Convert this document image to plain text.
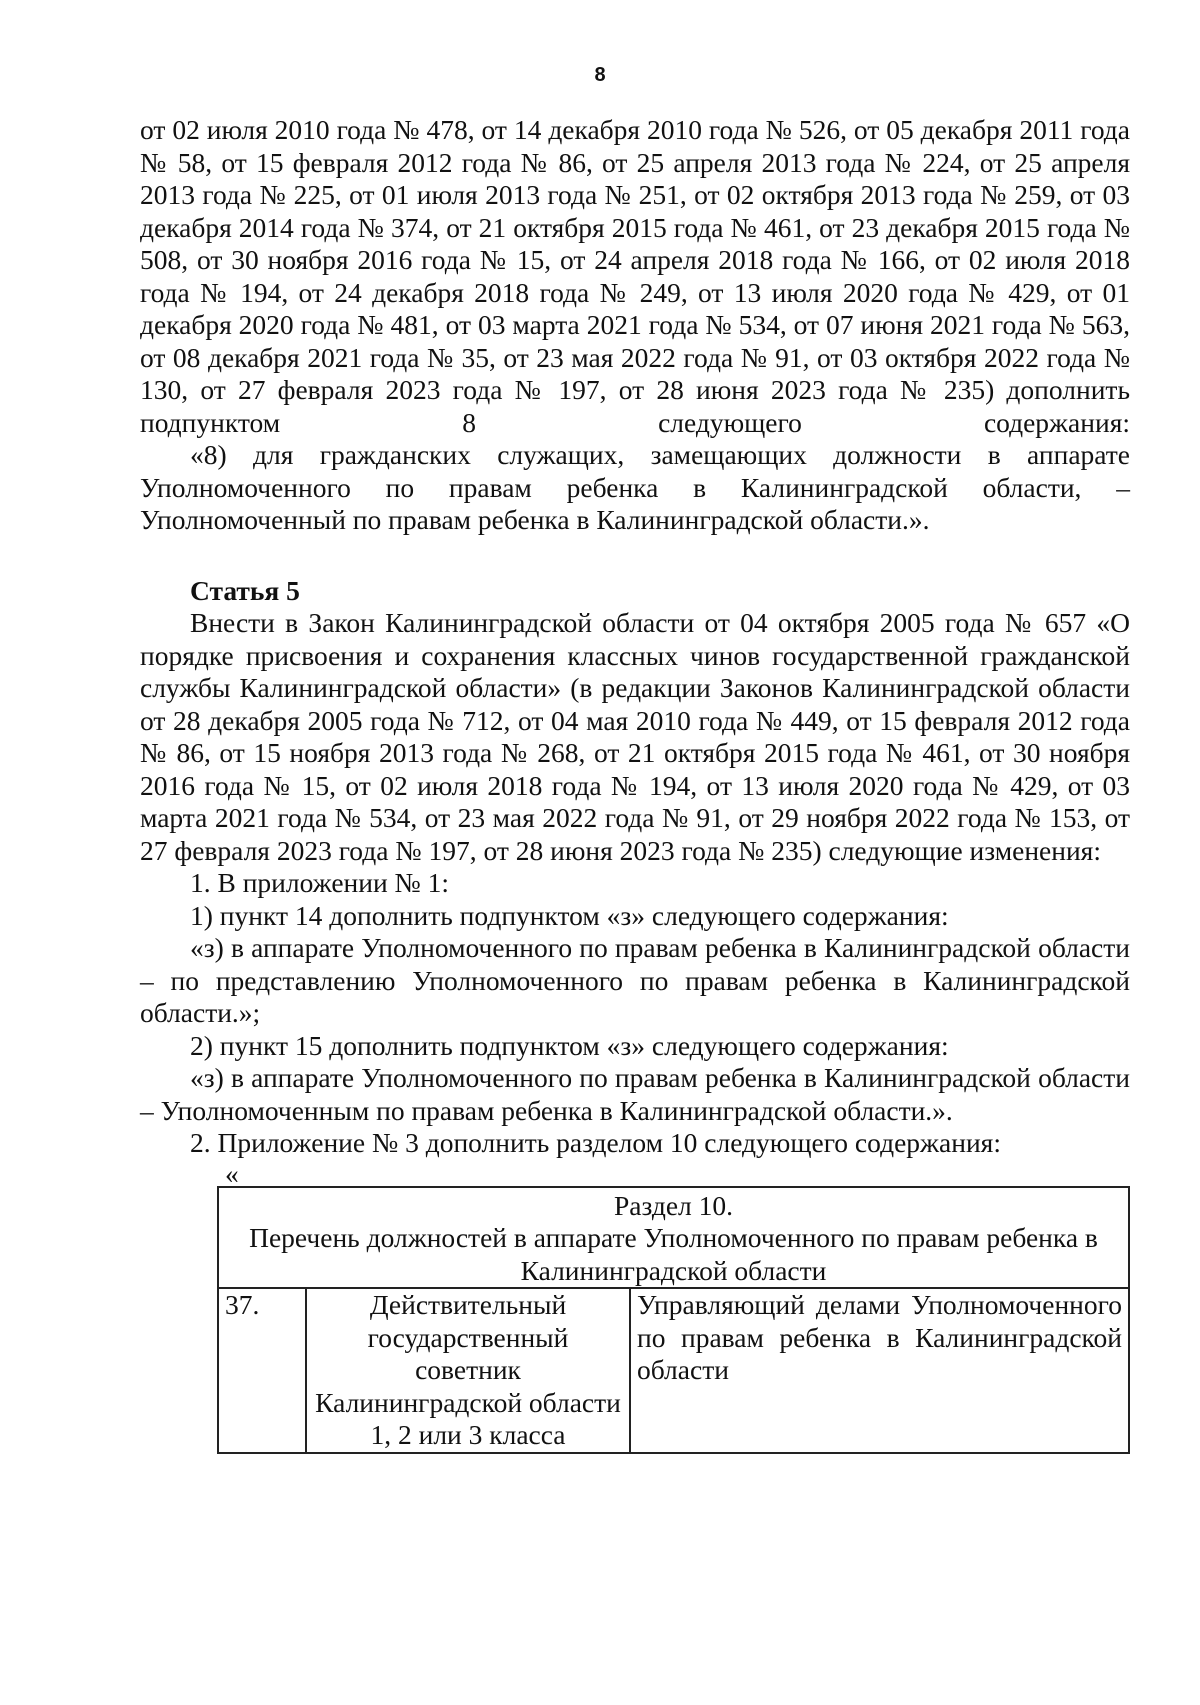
8

от 02 июля 2010 года № 478, от 14 декабря 2010 года № 526, от 05 декабря 2011 года № 58, от 15 февраля 2012 года № 86, от 25 апреля 2013 года № 224, от 25 апреля 2013 года № 225, от 01 июля 2013 года № 251, от 02 октября 2013 года № 259, от 03 декабря 2014 года № 374, от 21 октября 2015 года № 461, от 23 декабря 2015 года № 508, от 30 ноября 2016 года № 15, от 24 апреля 2018 года № 166, от 02 июля 2018 года № 194, от 24 декабря 2018 года № 249, от 13 июля 2020 года № 429, от 01 декабря 2020 года № 481, от 03 марта 2021 года № 534, от 07 июня 2021 года № 563, от 08 декабря 2021 года № 35, от 23 мая 2022 года № 91, от 03 октября 2022 года № 130, от 27 февраля 2023 года № 197, от 28 июня 2023 года № 235) дополнить подпунктом 8 следующего содержания:

«8) для гражданских служащих, замещающих должности в аппарате Уполномоченного по правам ребенка в Калининградской области, – Уполномоченный по правам ребенка в Калининградской области.».

Статья 5

Внести в Закон Калининградской области от 04 октября 2005 года № 657 «О порядке присвоения и сохранения классных чинов государственной гражданской службы Калининградской области» (в редакции Законов Калининградской области от 28 декабря 2005 года № 712, от 04 мая 2010 года № 449, от 15 февраля 2012 года № 86, от 15 ноября 2013 года № 268, от 21 октября 2015 года № 461, от 30 ноября 2016 года № 15, от 02 июля 2018 года № 194, от 13 июля 2020 года № 429, от 03 марта 2021 года № 534, от 23 мая 2022 года № 91, от 29 ноября 2022 года № 153, от 27 февраля 2023 года № 197, от 28 июня 2023 года № 235) следующие изменения:

1. В приложении № 1:

1) пункт 14 дополнить подпунктом «з» следующего содержания:

«з) в аппарате Уполномоченного по правам ребенка в Калининградской области – по представлению Уполномоченного по правам ребенка в Калининградской области.»;

2) пункт 15 дополнить подпунктом «з» следующего содержания:

«з) в аппарате Уполномоченного по правам ребенка в Калининградской области – Уполномоченным по правам ребенка в Калининградской области.».

2. Приложение № 3 дополнить разделом 10 следующего содержания:

«

Раздел 10.
Перечень должностей в аппарате Уполномоченного по правам ребенка в Калининградской области

37.	Действительный государственный советник Калининградской области 1, 2 или 3 класса	Управляющий делами Уполномоченного по правам ребенка в Калининградской области
